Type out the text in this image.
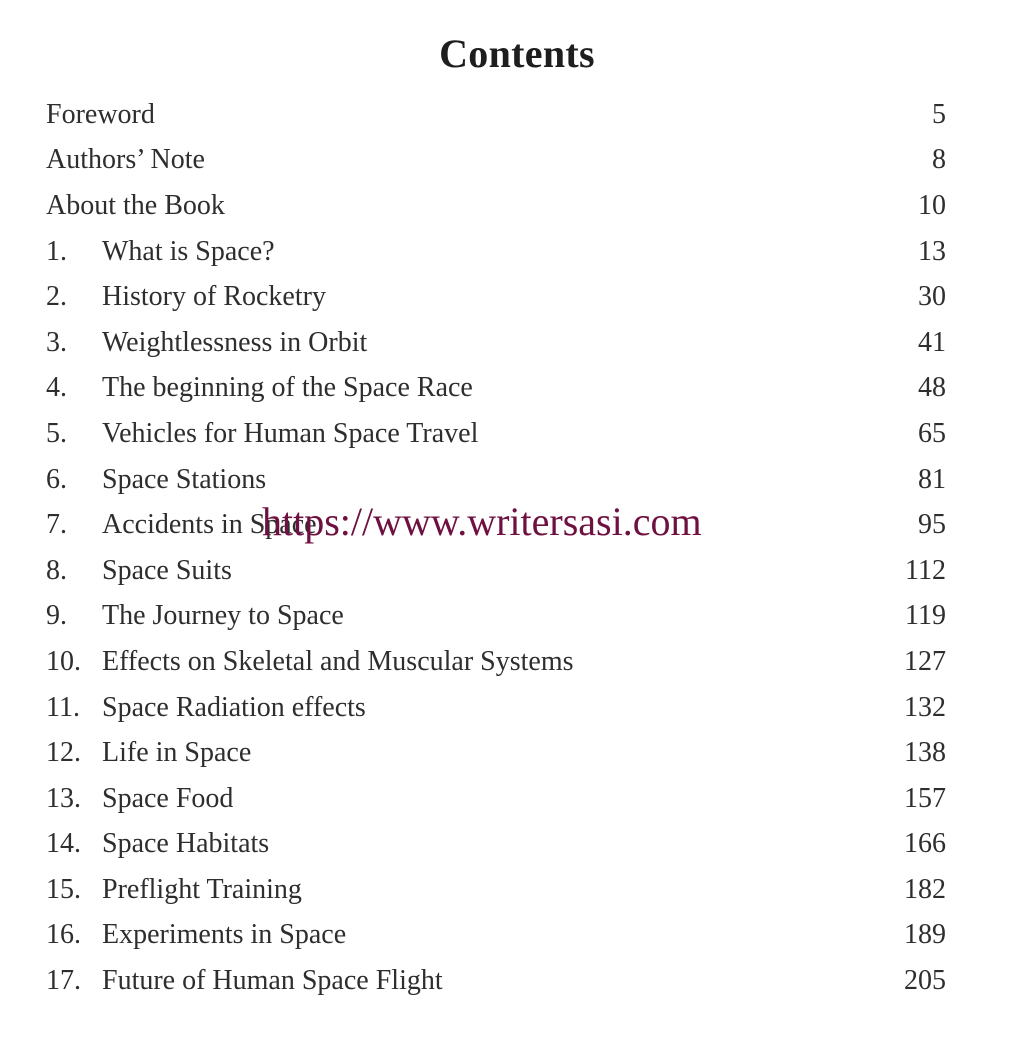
Contents
Foreword	5
Authors’ Note	8
About the Book	10
1.	What is Space?	13
2.	History of Rocketry	30
3.	Weightlessness in Orbit	41
4.	The beginning of the Space Race	48
5.	Vehicles for Human Space Travel	65
6.	Space Stations	81
7.	Accidents in Space	95
8.	Space Suits	112
9.	The Journey to Space	119
10. Effects on Skeletal and Muscular Systems	127
11. Space Radiation effects	132
12. Life in Space	138
13. Space Food	157
14. Space Habitats	166
15. Preflight Training	182
16. Experiments in Space	189
17. Future of Human Space Flight	205
https://www.writersasi.com
